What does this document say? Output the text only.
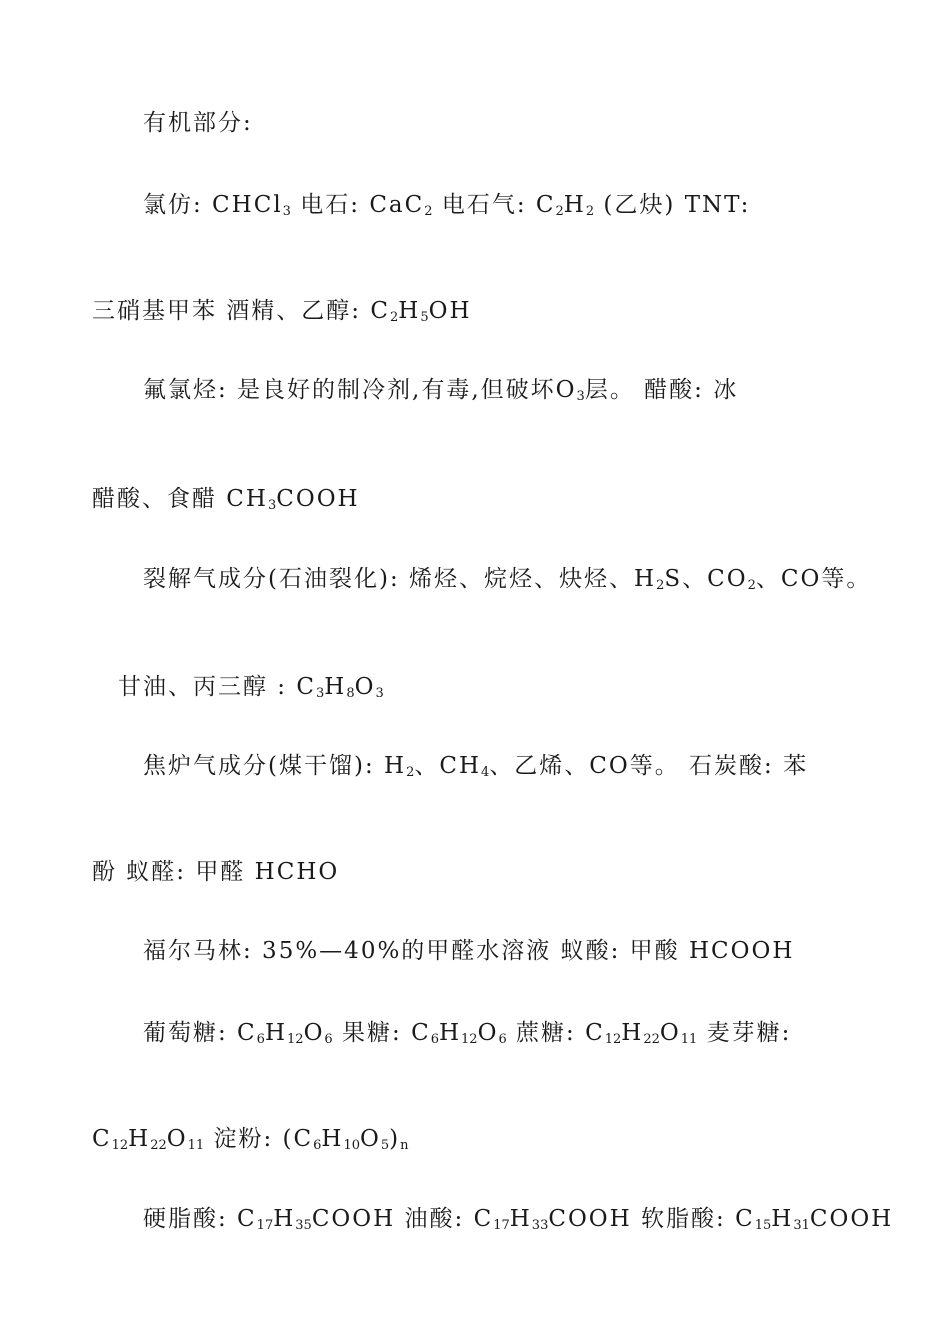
有机部分:
氯仿: CHCl$_3$ 电石: CaC$_2$ 电石气: $C_2H_2$ (乙炔) TNT:
三硝基甲苯 酒精、乙醇: $C_2H_5OH$
氟氯烃: 是良好的制冷剂,有毒,但破坏$O_3$层。 醋酸: 冰
醋酸、食醋 $CH_3COOH$
裂解气成分(石油裂化): 烯烃、烷烃、炔烃、$H_2S$、$CO_2$、CO等。
甘油、丙三醇 : $C_3H_8O_3$
焦炉气成分(煤干馏): $H_2$、$CH_4$、乙烯、CO等。 石炭酸: 苯
酚 蚁醛: 甲醛 HCHO
福尔马林: 35%—40%的甲醛水溶液 蚁酸: 甲酸 HCOOH
葡萄糖: $C_6H_{12}O_6$ 果糖: $C_6H_{12}O_6$ 蔗糖: $C_{12}H_{22}O_{11}$ 麦芽糖:
$C_{12}H_{22}O_{11}$ 淀粉: $(C_6H_{10}O_5)_n$
硬脂酸: $C_{17}H_{35}COOH$ 油酸: $C_{17}H_{33}COOH$ 软脂酸: $C_{15}H_{31}COOH$
